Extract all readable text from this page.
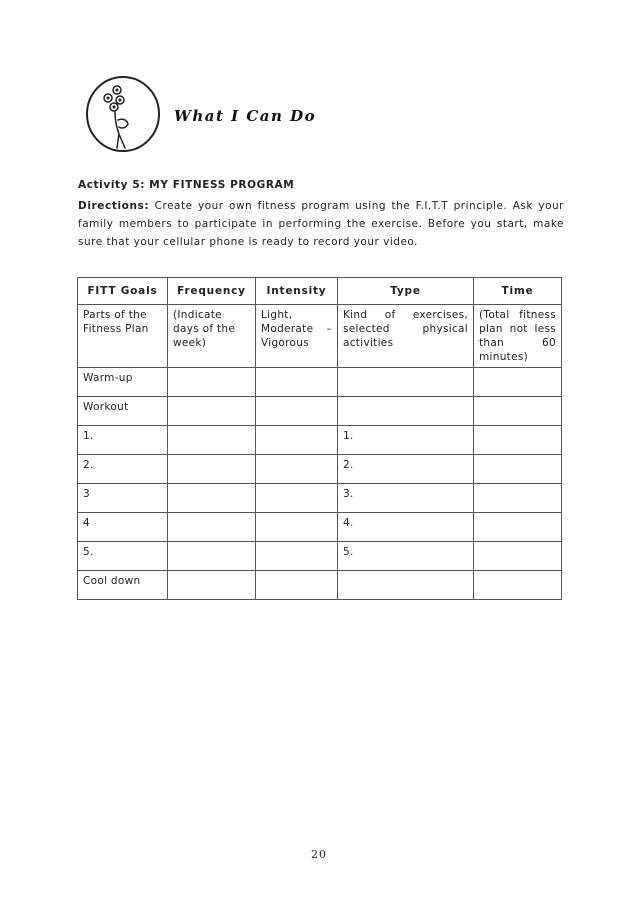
What I Can Do
Activity 5: MY FITNESS PROGRAM
Directions: Create your own fitness program using the F.I.T.T principle. Ask your family members to participate in performing the exercise. Before you start, make sure that your cellular phone is ready to record your video.
FITT Goals	Frequency	Intensity	Type	Time
Parts of the Fitness Plan	(Indicate days of the week)	Light, Moderate – Vigorous	Kind of exercises, selected physical activities	(Total fitness plan not less than 60 minutes)
Warm-up				
Workout				
1.			1.	
2.			2.	
3			3.	
4			4.	
5.			5.	
Cool down				
20
